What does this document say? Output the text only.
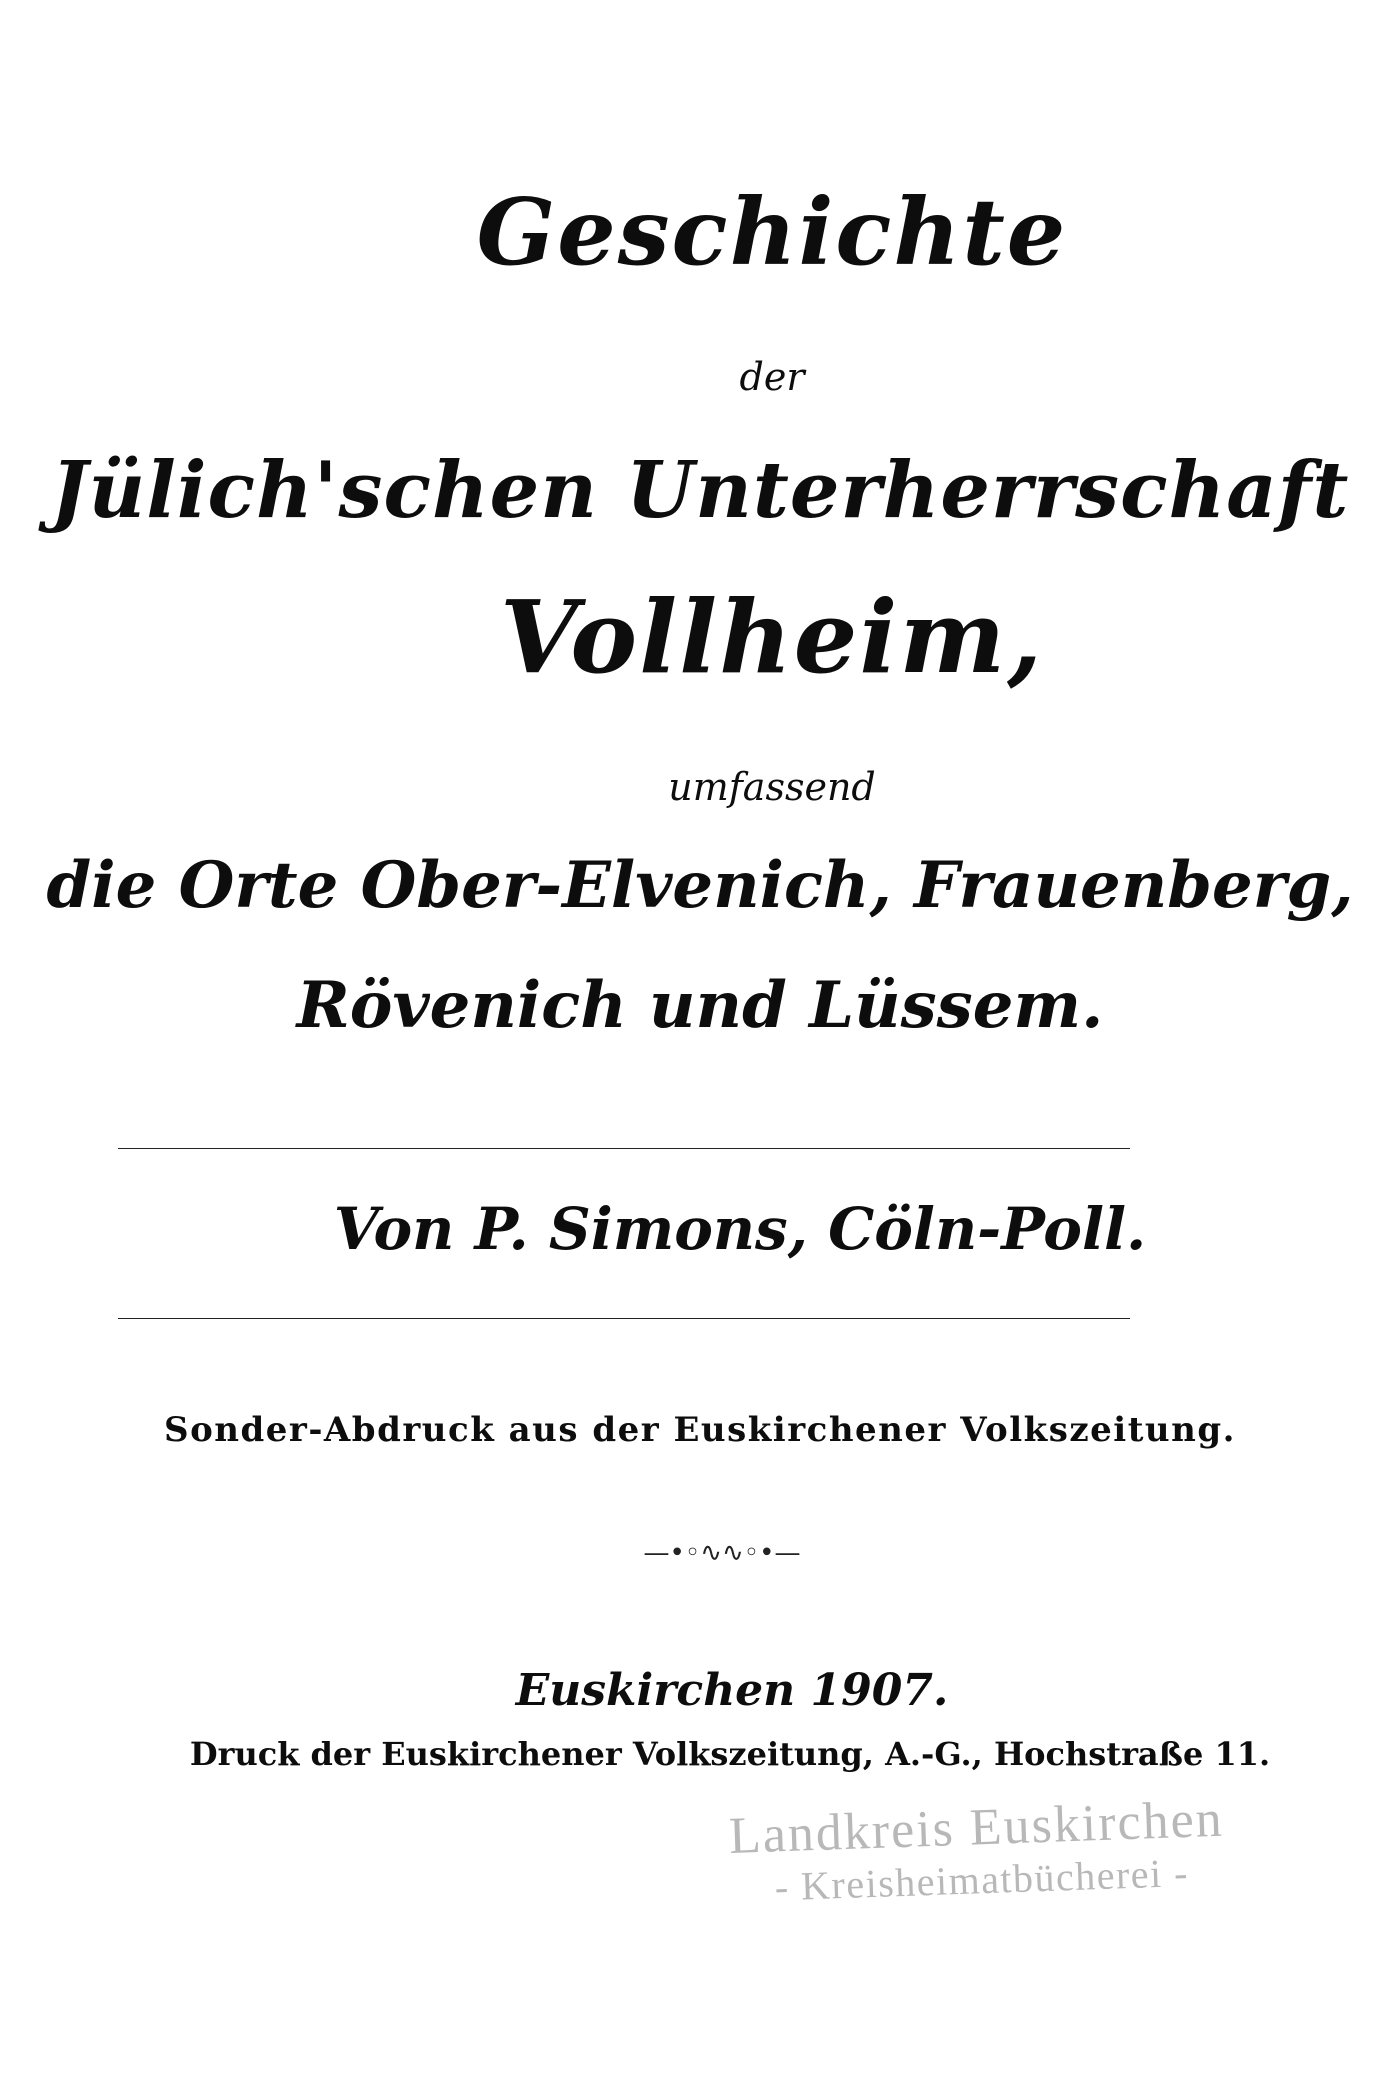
Geschichte

der

Jülich'schen Unterherrschaft
Vollheim,

umfassend

die Orte Ober-Elvenich, Frauenberg,

Rövenich und Lüssem.

Von P. Simons, Cöln-Poll.

Sonder-Abdruck aus der Euskirchener Volkszeitung.

—•◦∿∿◦•—

Euskirchen 1907.

Druck der Euskirchener Volkszeitung, A.-G., Hochstraße 11.

Landkreis Euskirchen
- Kreisheimatbücherei -
